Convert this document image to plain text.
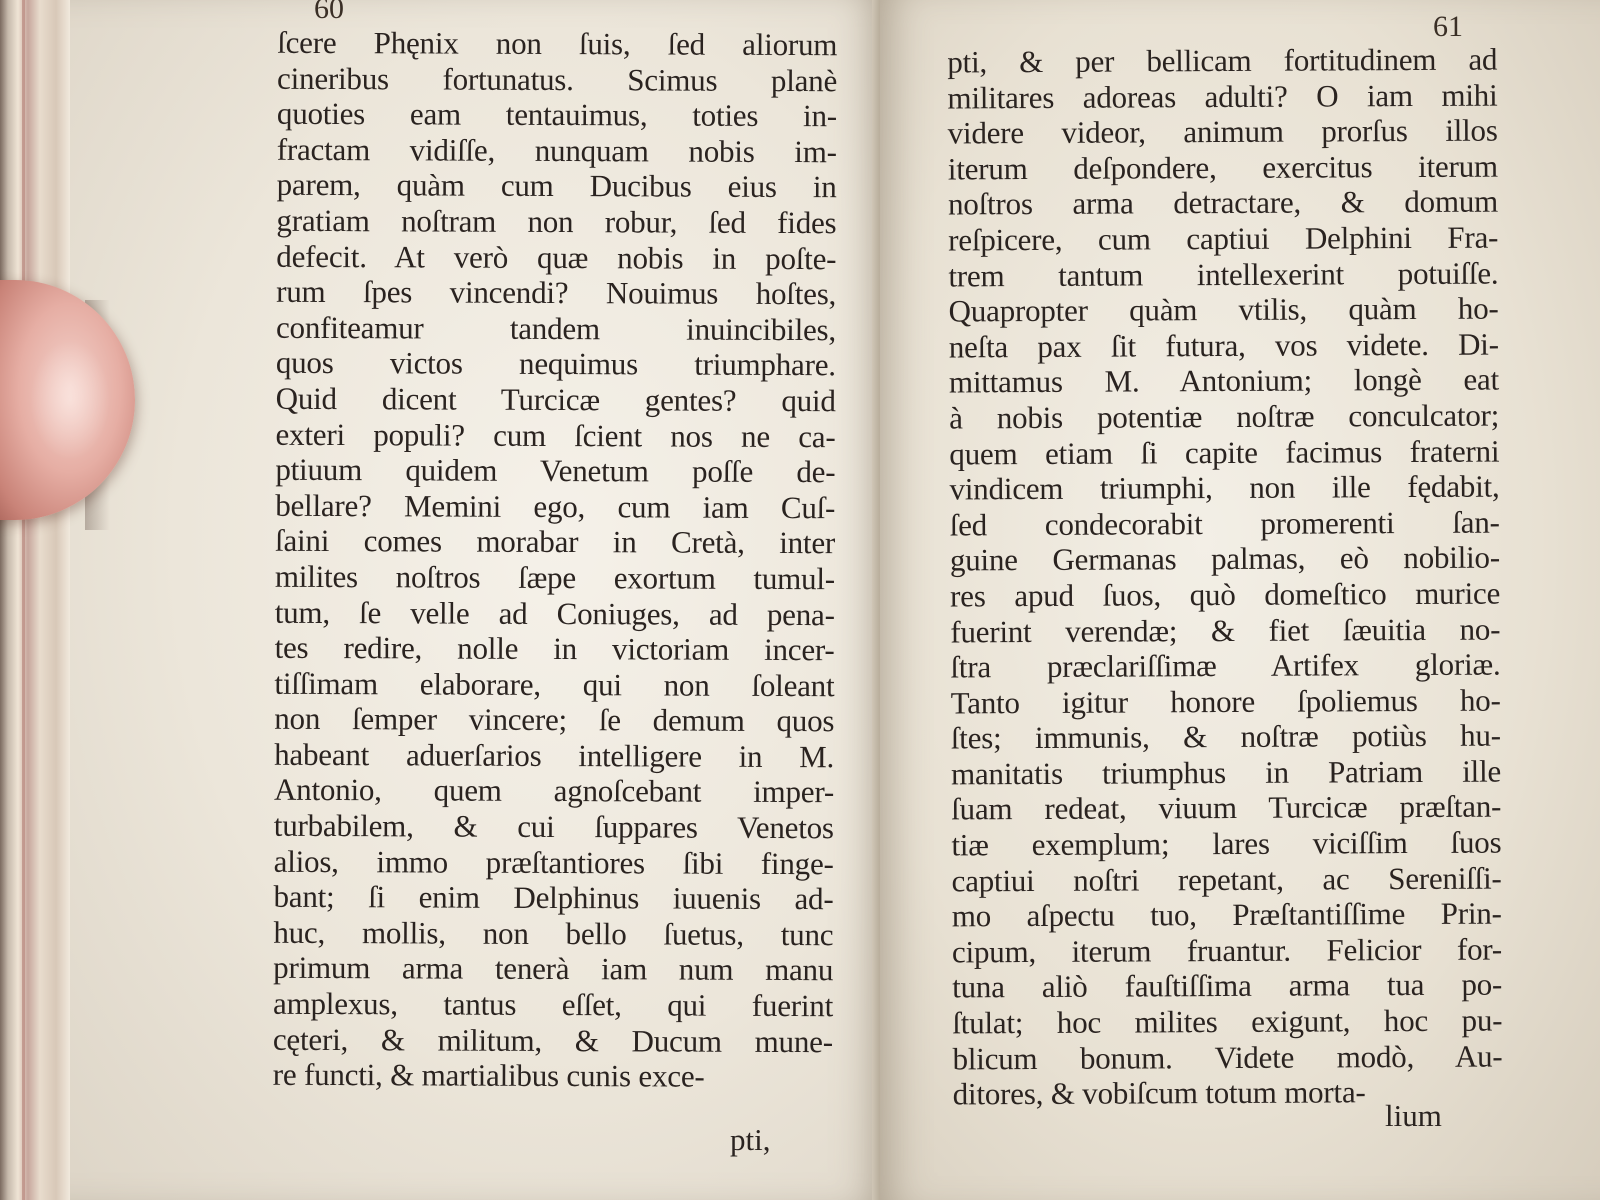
60
ſcere Phęnix non ſuis, ſed aliorum
cineribus fortunatus. Scimus planè
quoties eam tentauimus, toties in-
fractam vidiſſe, nunquam nobis im-
parem, quàm cum Ducibus eius in
gratiam noſtram non robur, ſed fides
defecit. At verò quæ nobis in poſte-
rum ſpes vincendi? Nouimus hoſtes,
confiteamur tandem inuincibiles,
quos victos nequimus triumphare.
Quid dicent Turcicæ gentes? quid
exteri populi? cum ſcient nos ne ca-
ptiuum quidem Venetum poſſe de-
bellare? Memini ego, cum iam Cuſ-
ſaini comes morabar in Cretà, inter
milites noſtros ſæpe exortum tumul-
tum, ſe velle ad Coniuges, ad pena-
tes redire, nolle in victoriam incer-
tiſſimam elaborare, qui non ſoleant
non ſemper vincere; ſe demum quos
habeant aduerſarios intelligere in M.
Antonio, quem agnoſcebant imper-
turbabilem, & cui ſuppares Venetos
alios, immo præſtantiores ſibi finge-
bant; ſi enim Delphinus iuuenis ad-
huc, mollis, non bello ſuetus, tunc
primum arma tenerà iam num manu
amplexus, tantus eſſet, qui fuerint
cęteri, & militum, & Ducum mune-
re functi, & martialibus cunis exce-
pti,
61
pti, & per bellicam fortitudinem ad
militares adoreas adulti? O iam mihi
videre videor, animum prorſus illos
iterum deſpondere, exercitus iterum
noſtros arma detractare, & domum
reſpicere, cum captiui Delphini Fra-
trem tantum intellexerint potuiſſe.
Quapropter quàm vtilis, quàm ho-
neſta pax ſit futura, vos videte. Di-
mittamus M. Antonium; longè eat
à nobis potentiæ noſtræ conculcator;
quem etiam ſi capite facimus fraterni
vindicem triumphi, non ille fędabit,
ſed condecorabit promerenti ſan-
guine Germanas palmas, eò nobilio-
res apud ſuos, quò domeſtico murice
fuerint verendæ; & fiet ſæuitia no-
ſtra præclariſſimæ Artifex gloriæ.
Tanto igitur honore ſpoliemus ho-
ſtes; immunis, & noſtræ potiùs hu-
manitatis triumphus in Patriam ille
ſuam redeat, viuum Turcicæ præſtan-
tiæ exemplum; lares viciſſim ſuos
captiui noſtri repetant, ac Sereniſſi-
mo aſpectu tuo, Præſtantiſſime Prin-
cipum, iterum fruantur. Felicior for-
tuna aliò fauſtiſſima arma tua po-
ſtulat; hoc milites exigunt, hoc pu-
blicum bonum. Videte modò, Au-
ditores, & vobiſcum totum morta-
lium
